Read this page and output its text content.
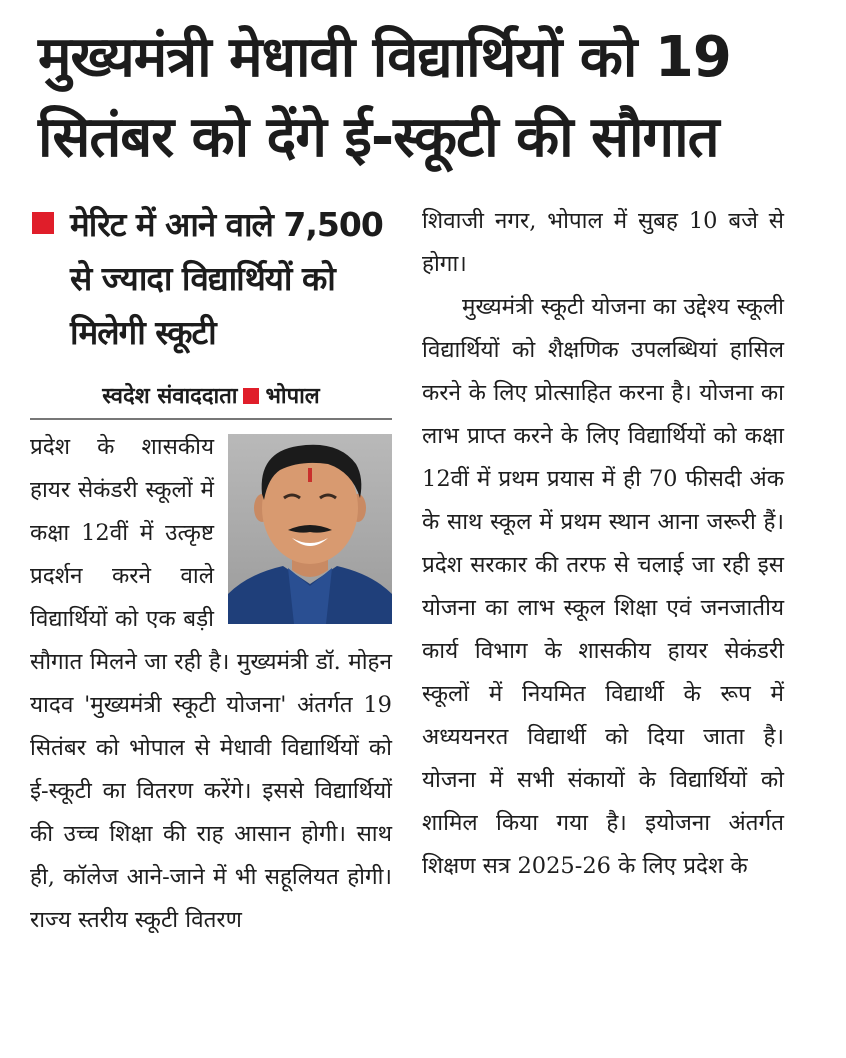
मुख्यमंत्री मेधावी विद्यार्थियों को 19 सितंबर को देंगे ई-स्कूटी की सौगात
मेरिट में आने वाले 7,500 से ज्यादा विद्यार्थियों को मिलेगी स्कूटी
स्वदेश संवाददाता भोपाल

प्रदेश के शासकीय हायर सेकंडरी स्कूलों में कक्षा 12वीं में उत्कृष्ट प्रदर्शन करने वाले विद्यार्थियों को एक बड़ी सौगात मिलने जा रही है। मुख्यमंत्री डॉ. मोहन यादव 'मुख्यमंत्री स्कूटी योजना' अंतर्गत 19 सितंबर को भोपाल से मेधावी विद्यार्थियों को ई-स्कूटी का वितरण करेंगे। इससे विद्यार्थियों की उच्च शिक्षा की राह आसान होगी। साथ ही, कॉलेज आने-जाने में भी सहूलियत होगी। राज्य स्तरीय स्कूटी वितरण

शिवाजी नगर, भोपाल में सुबह 10 बजे से होगा।

मुख्यमंत्री स्कूटी योजना का उद्देश्य स्कूली विद्यार्थियों को शैक्षणिक उपलब्धियां हासिल करने के लिए प्रोत्साहित करना है। योजना का लाभ प्राप्त करने के लिए विद्यार्थियों को कक्षा 12वीं में प्रथम प्रयास में ही 70 फीसदी अंक के साथ स्कूल में प्रथम स्थान आना जरूरी हैं। प्रदेश सरकार की तरफ से चलाई जा रही इस योजना का लाभ स्कूल शिक्षा एवं जनजातीय कार्य विभाग के शासकीय हायर सेकंडरी स्कूलों में नियमित विद्यार्थी के रूप में अध्ययनरत विद्यार्थी को दिया जाता है। योजना में सभी संकायों के विद्यार्थियों को शामिल किया गया है। इयोजना अंतर्गत शिक्षण सत्र 2025-26 के लिए प्रदेश के
